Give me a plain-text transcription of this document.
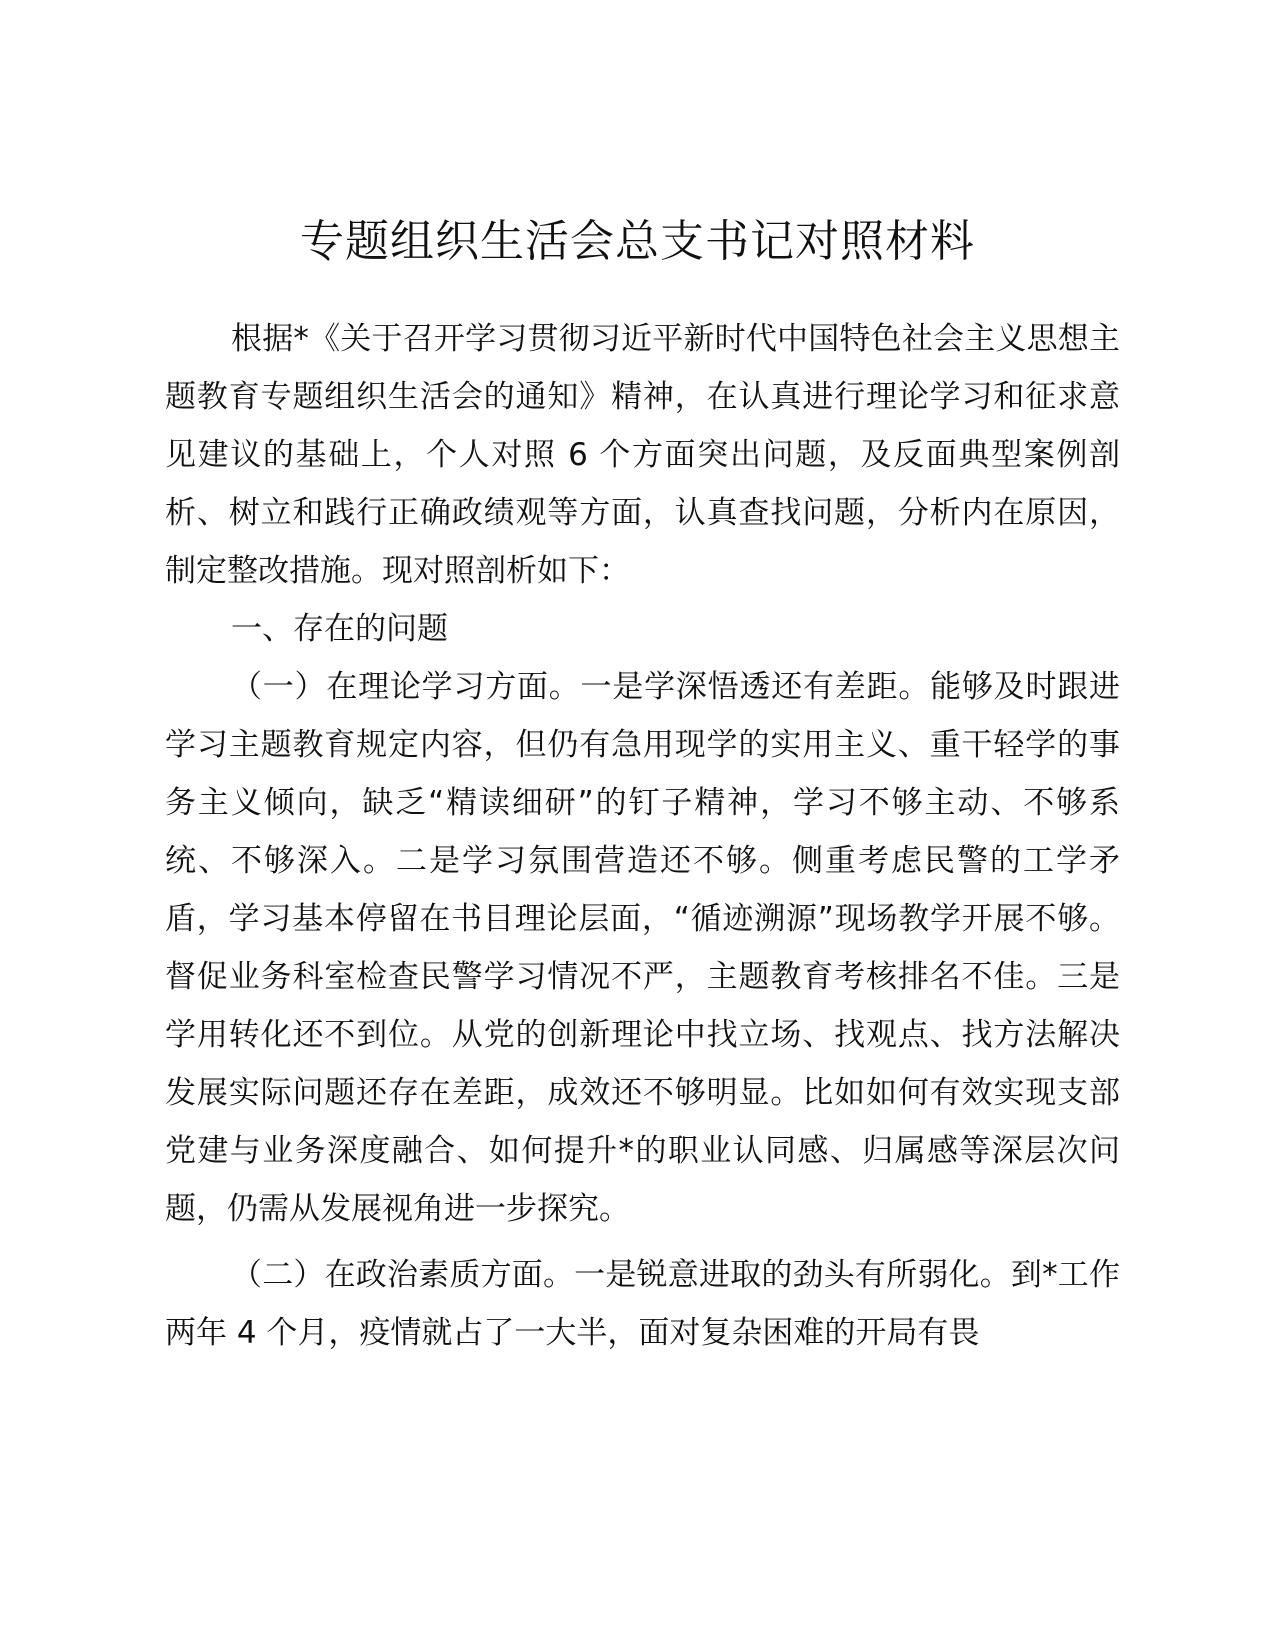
专题组织生活会总支书记对照材料

根据*《关于召开学习贯彻习近平新时代中国特色社会主义思想主题教育专题组织生活会的通知》精神，在认真进行理论学习和征求意见建议的基础上，个人对照 6 个方面突出问题，及反面典型案例剖析、树立和践行正确政绩观等方面，认真查找问题，分析内在原因，制定整改措施。现对照剖析如下：

一、存在的问题

（一）在理论学习方面。一是学深悟透还有差距。能够及时跟进学习主题教育规定内容，但仍有急用现学的实用主义、重干轻学的事务主义倾向，缺乏“精读细研”的钉子精神，学习不够主动、不够系统、不够深入。二是学习氛围营造还不够。侧重考虑民警的工学矛盾，学习基本停留在书目理论层面，“循迹溯源”现场教学开展不够。督促业务科室检查民警学习情况不严，主题教育考核排名不佳。三是学用转化还不到位。从党的创新理论中找立场、找观点、找方法解决发展实际问题还存在差距，成效还不够明显。比如如何有效实现支部党建与业务深度融合、如何提升*的职业认同感、归属感等深层次问题，仍需从发展视角进一步探究。

（二）在政治素质方面。一是锐意进取的劲头有所弱化。到*工作两年 4 个月，疫情就占了一大半，面对复杂困难的开局有畏
